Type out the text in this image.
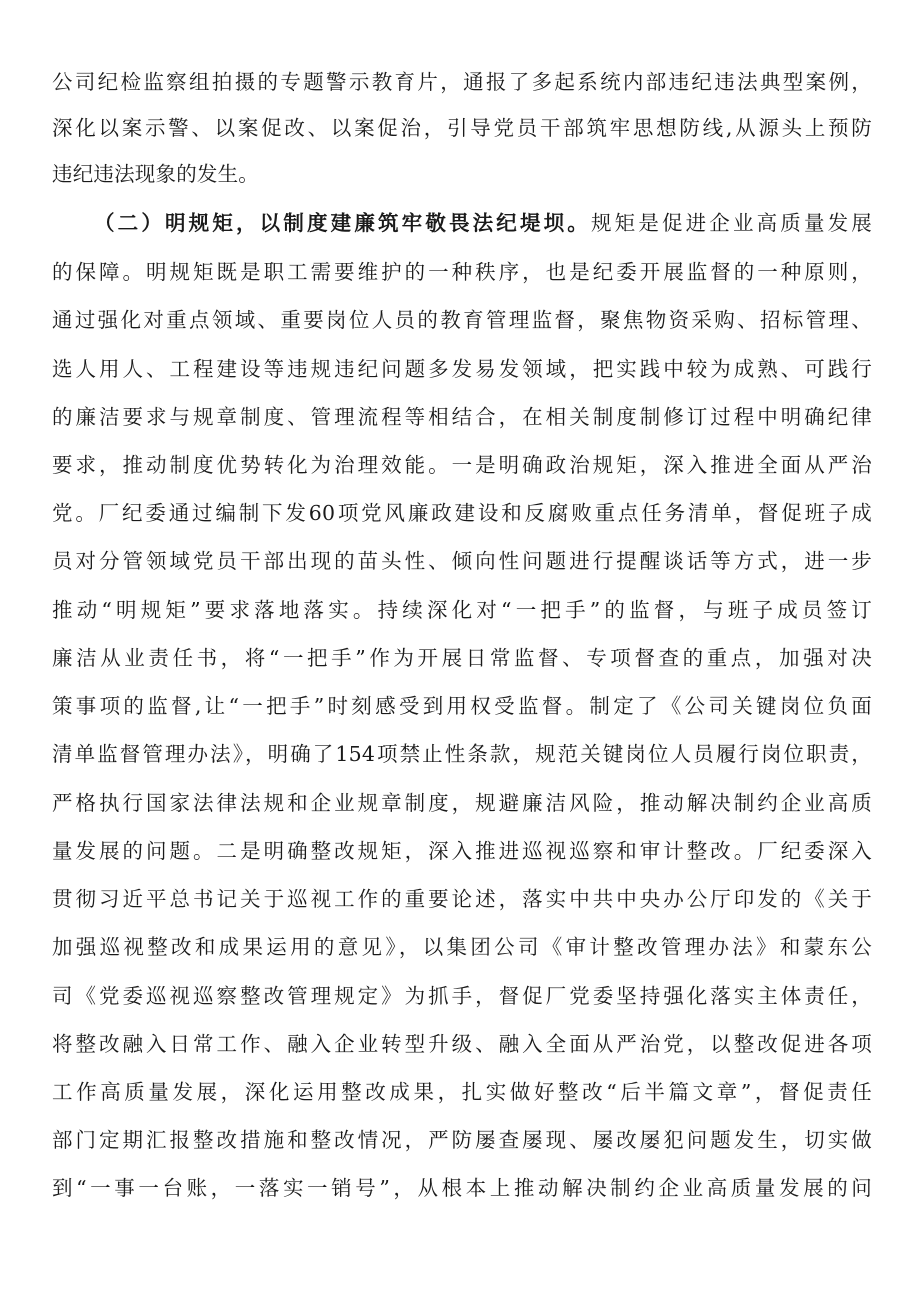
公司纪检监察组拍摄的专题警示教育片，通报了多起系统内部违纪违法典型案例，
深化以案示警、以案促改、以案促治，引导党员干部筑牢思想防线,从源头上预防
违纪违法现象的发生。
（二）明规矩，以制度建廉筑牢敬畏法纪堤坝。规矩是促进企业高质量发展
的保障。明规矩既是职工需要维护的一种秩序，也是纪委开展监督的一种原则，
通过强化对重点领域、重要岗位人员的教育管理监督，聚焦物资采购、招标管理、
选人用人、工程建设等违规违纪问题多发易发领域，把实践中较为成熟、可践行
的廉洁要求与规章制度、管理流程等相结合，在相关制度制修订过程中明确纪律
要求，推动制度优势转化为治理效能。一是明确政治规矩，深入推进全面从严治
党。厂纪委通过编制下发60项党风廉政建设和反腐败重点任务清单，督促班子成
员对分管领域党员干部出现的苗头性、倾向性问题进行提醒谈话等方式，进一步
推动“明规矩”要求落地落实。持续深化对“一把手”的监督，与班子成员签订
廉洁从业责任书，将“一把手”作为开展日常监督、专项督查的重点，加强对决
策事项的监督,让“一把手”时刻感受到用权受监督。制定了《公司关键岗位负面
清单监督管理办法》，明确了154项禁止性条款，规范关键岗位人员履行岗位职责，
严格执行国家法律法规和企业规章制度，规避廉洁风险，推动解决制约企业高质
量发展的问题。二是明确整改规矩，深入推进巡视巡察和审计整改。厂纪委深入
贯彻习近平总书记关于巡视工作的重要论述，落实中共中央办公厅印发的《关于
加强巡视整改和成果运用的意见》，以集团公司《审计整改管理办法》和蒙东公
司《党委巡视巡察整改管理规定》为抓手，督促厂党委坚持强化落实主体责任，
将整改融入日常工作、融入企业转型升级、融入全面从严治党，以整改促进各项
工作高质量发展，深化运用整改成果，扎实做好整改“后半篇文章”，督促责任
部门定期汇报整改措施和整改情况，严防屡查屡现、屡改屡犯问题发生，切实做
到“一事一台账，一落实一销号”，从根本上推动解决制约企业高质量发展的问
